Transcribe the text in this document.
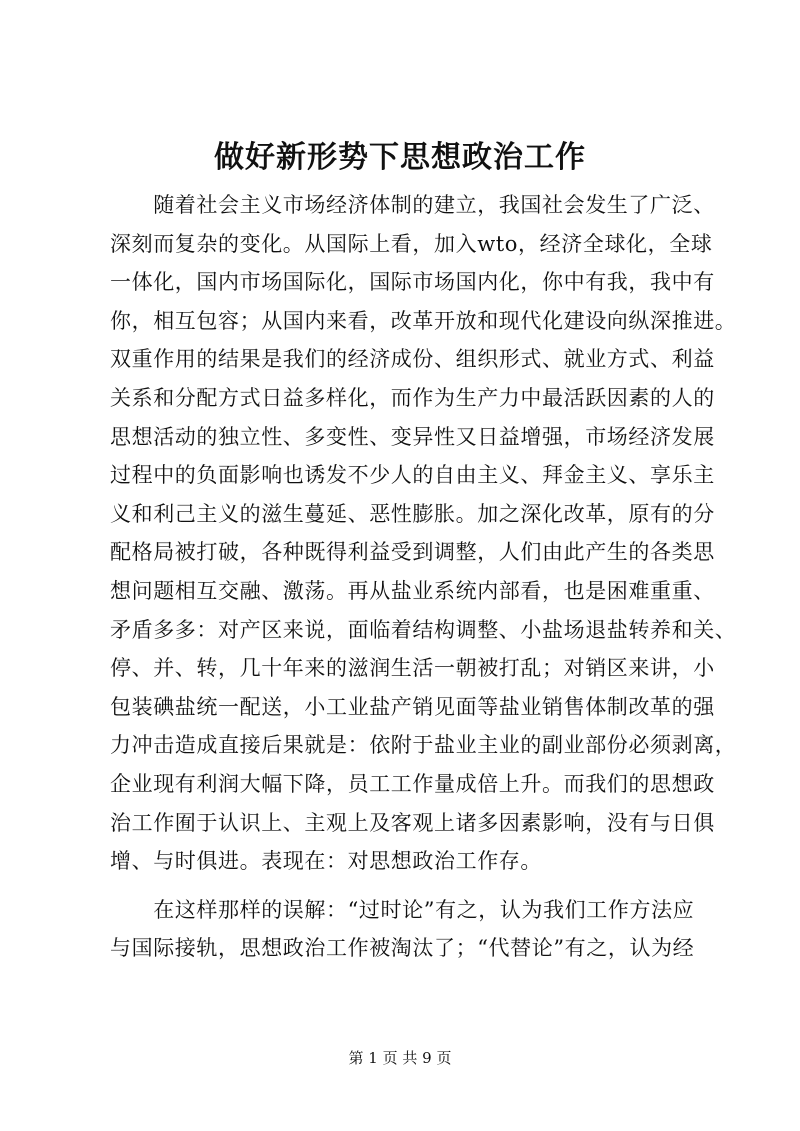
做好新形势下思想政治工作
　　随着社会主义市场经济体制的建立，我国社会发生了广泛、
深刻而复杂的变化。从国际上看，加入wto，经济全球化，全球
一体化，国内市场国际化，国际市场国内化，你中有我，我中有
你，相互包容；从国内来看，改革开放和现代化建设向纵深推进。
双重作用的结果是我们的经济成份、组织形式、就业方式、利益
关系和分配方式日益多样化，而作为生产力中最活跃因素的人的
思想活动的独立性、多变性、变异性又日益增强，市场经济发展
过程中的负面影响也诱发不少人的自由主义、拜金主义、享乐主
义和利己主义的滋生蔓延、恶性膨胀。加之深化改革，原有的分
配格局被打破，各种既得利益受到调整，人们由此产生的各类思
想问题相互交融、激荡。再从盐业系统内部看，也是困难重重、
矛盾多多：对产区来说，面临着结构调整、小盐场退盐转养和关、
停、并、转，几十年来的滋润生活一朝被打乱；对销区来讲，小
包装碘盐统一配送，小工业盐产销见面等盐业销售体制改革的强
力冲击造成直接后果就是：依附于盐业主业的副业部份必须剥离，
企业现有利润大幅下降，员工工作量成倍上升。而我们的思想政
治工作囿于认识上、主观上及客观上诸多因素影响，没有与日俱
增、与时俱进。表现在：对思想政治工作存。
　　在这样那样的误解：“过时论”有之，认为我们工作方法应
与国际接轨，思想政治工作被淘汰了；“代替论”有之，认为经
第 1 页 共 9 页
